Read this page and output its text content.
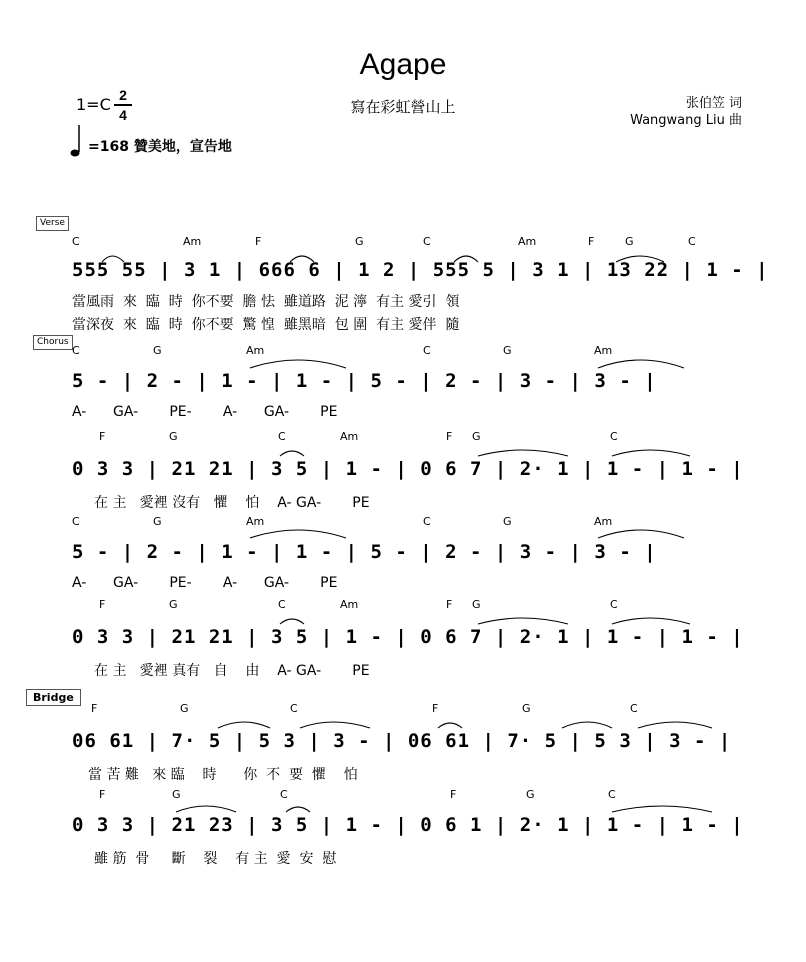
Agape
寫在彩虹營山上
1=C 2
4
张伯笠 词
Wangwang Liu 曲
=168 贊美地，宣告地
Verse
Chorus
Bridge
C	Am	F	G	C	Am	F	G	C
555 55 | 3 1 | 666 6 | 1 2 | 555 5 | 3 1 | 13 22 | 1 - |
當風雨  來  臨  時  你不要  膽 怯  雖道路  泥 濘  有主 愛引  領
當深夜  來  臨  時  你不要  驚 惶  雖黑暗  包 圍  有主 愛伴  隨
C	G	Am	C	G	Am
5 - | 2 - | 1 - | 1 - | 5 - | 2 - | 3 - | 3 - |
A-      GA-       PE-       A-      GA-       PE
F	G	C	Am	F G	C
0 3 3 | 21 21 | 3 5 | 1 - | 0 6 7 | 2· 1 | 1 - | 1 - |
在 主   愛裡 沒有   懼    怕    A- GA-       PE
C	G	Am	C	G	Am
5 - | 2 - | 1 - | 1 - | 5 - | 2 - | 3 - | 3 - |
A-      GA-       PE-       A-      GA-       PE
F	G	C	Am	F G	C
0 3 3 | 21 21 | 3 5 | 1 - | 0 6 7 | 2· 1 | 1 - | 1 - |
在 主   愛裡 真有   自    由    A- GA-       PE
F	G	C	F	G	C
06 61 | 7· 5 | 5 3 | 3 - | 06 61 | 7· 5 | 5 3 | 3 - |
當 苦 難   來 臨    時      你  不  要  懼    怕
F	G	C	F	G	C
0 3 3 | 21 23 | 3 5 | 1 - | 0 6 1 | 2· 1 | 1 - | 1 - |
雖 筋  骨     斷    裂    有 主  愛  安  慰
